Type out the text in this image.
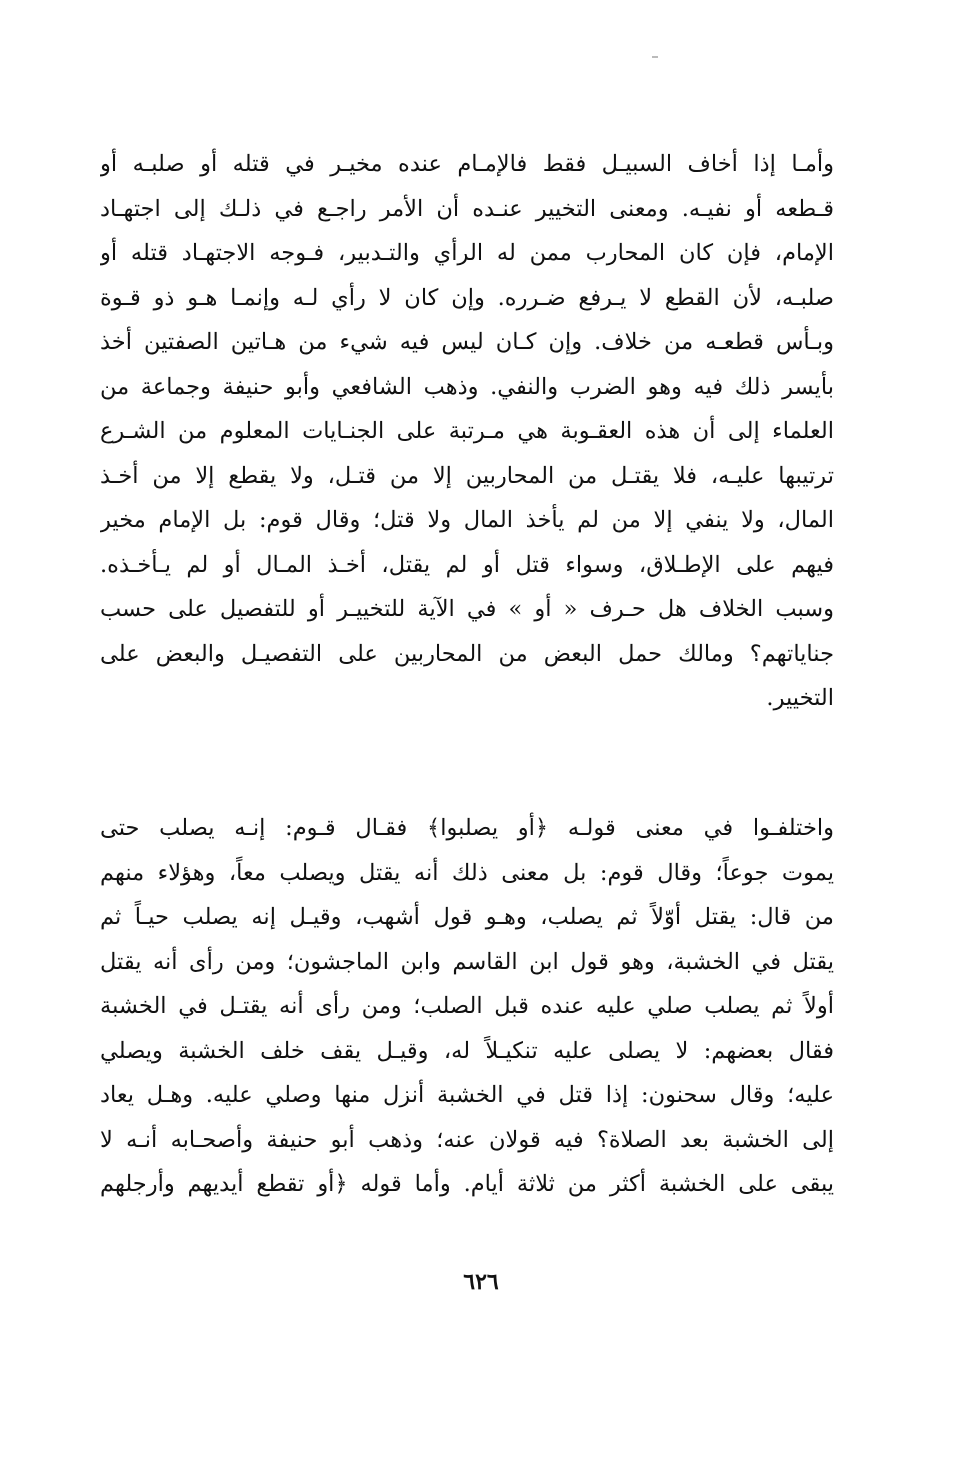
وأمـا إذا أخاف السبيـل فقط فالإمـام عنده مخيـر في قتله أو صلبـه أو
قـطعه أو نفيـه. ومعنى التخيير عنـده أن الأمر راجـع في ذلـك إلى اجتهـاد
الإمام، فإن كان المحارب ممن له الرأي والتـدبير، فـوجه الاجتهـاد قتله أو
صلبـه، لأن القطع لا يـرفع ضـرره. وإن كان لا رأي لـه وإنمـا هـو ذو قـوة
وبـأس قطعـه من خلاف. وإن كـان ليس فيه شيء من هـاتين الصفتين أخذ
بأيسر ذلك فيه وهو الضرب والنفي. وذهب الشافعي وأبو حنيفة وجماعة من
العلماء إلى أن هذه العقـوبة هي مـرتبة على الجنـايات المعلوم من الشـرع
ترتيبها عليـه، فلا يقتـل من المحاربين إلا من قتـل، ولا يقطع إلا من أخـذ
المال، ولا ينفي إلا من لم يأخذ المال ولا قتل؛ وقال قوم: بل الإمام مخير
فيهم على الإطـلاق، وسواء قتل أو لم يقتل، أخـذ المـال أو لم يـأخـذه.
وسبب الخلاف هل حـرف « أو » في الآية للتخييـر أو للتفصيل على حسب
جناياتهم؟ ومالك حمل البعض من المحاربين على التفصيـل والبعض على
التخيير.
واختلفـوا في معنى قولـه ﴿أو يصلبوا﴾ فقـال قـوم: إنـه يصلب حتى
يموت جوعاً؛ وقال قوم: بل معنى ذلك أنه يقتل ويصلب معاً، وهؤلاء منهم
من قال: يقتل أوّلاً ثم يصلب، وهـو قول أشهب، وقيـل إنه يصلب حيـاً ثم
يقتل في الخشبة، وهو قول ابن القاسم وابن الماجشون؛ ومن رأى أنه يقتل
أولاً ثم يصلب صلي عليه عنده قبل الصلب؛ ومن رأى أنه يقتـل في الخشبة
فقال بعضهم: لا يصلى عليه تنكيـلاً له، وقيـل يقف خلف الخشبة ويصلي
عليه؛ وقال سحنون: إذا قتل في الخشبة أنزل منها وصلي عليه. وهـل يعاد
إلى الخشبة بعد الصلاة؟ فيه قولان عنه؛ وذهب أبو حنيفة وأصحـابه أنـه لا
يبقى على الخشبة أكثر من ثلاثة أيام. وأما قوله ﴿أو تقطع أيديهم وأرجلهم
٦٢٦
